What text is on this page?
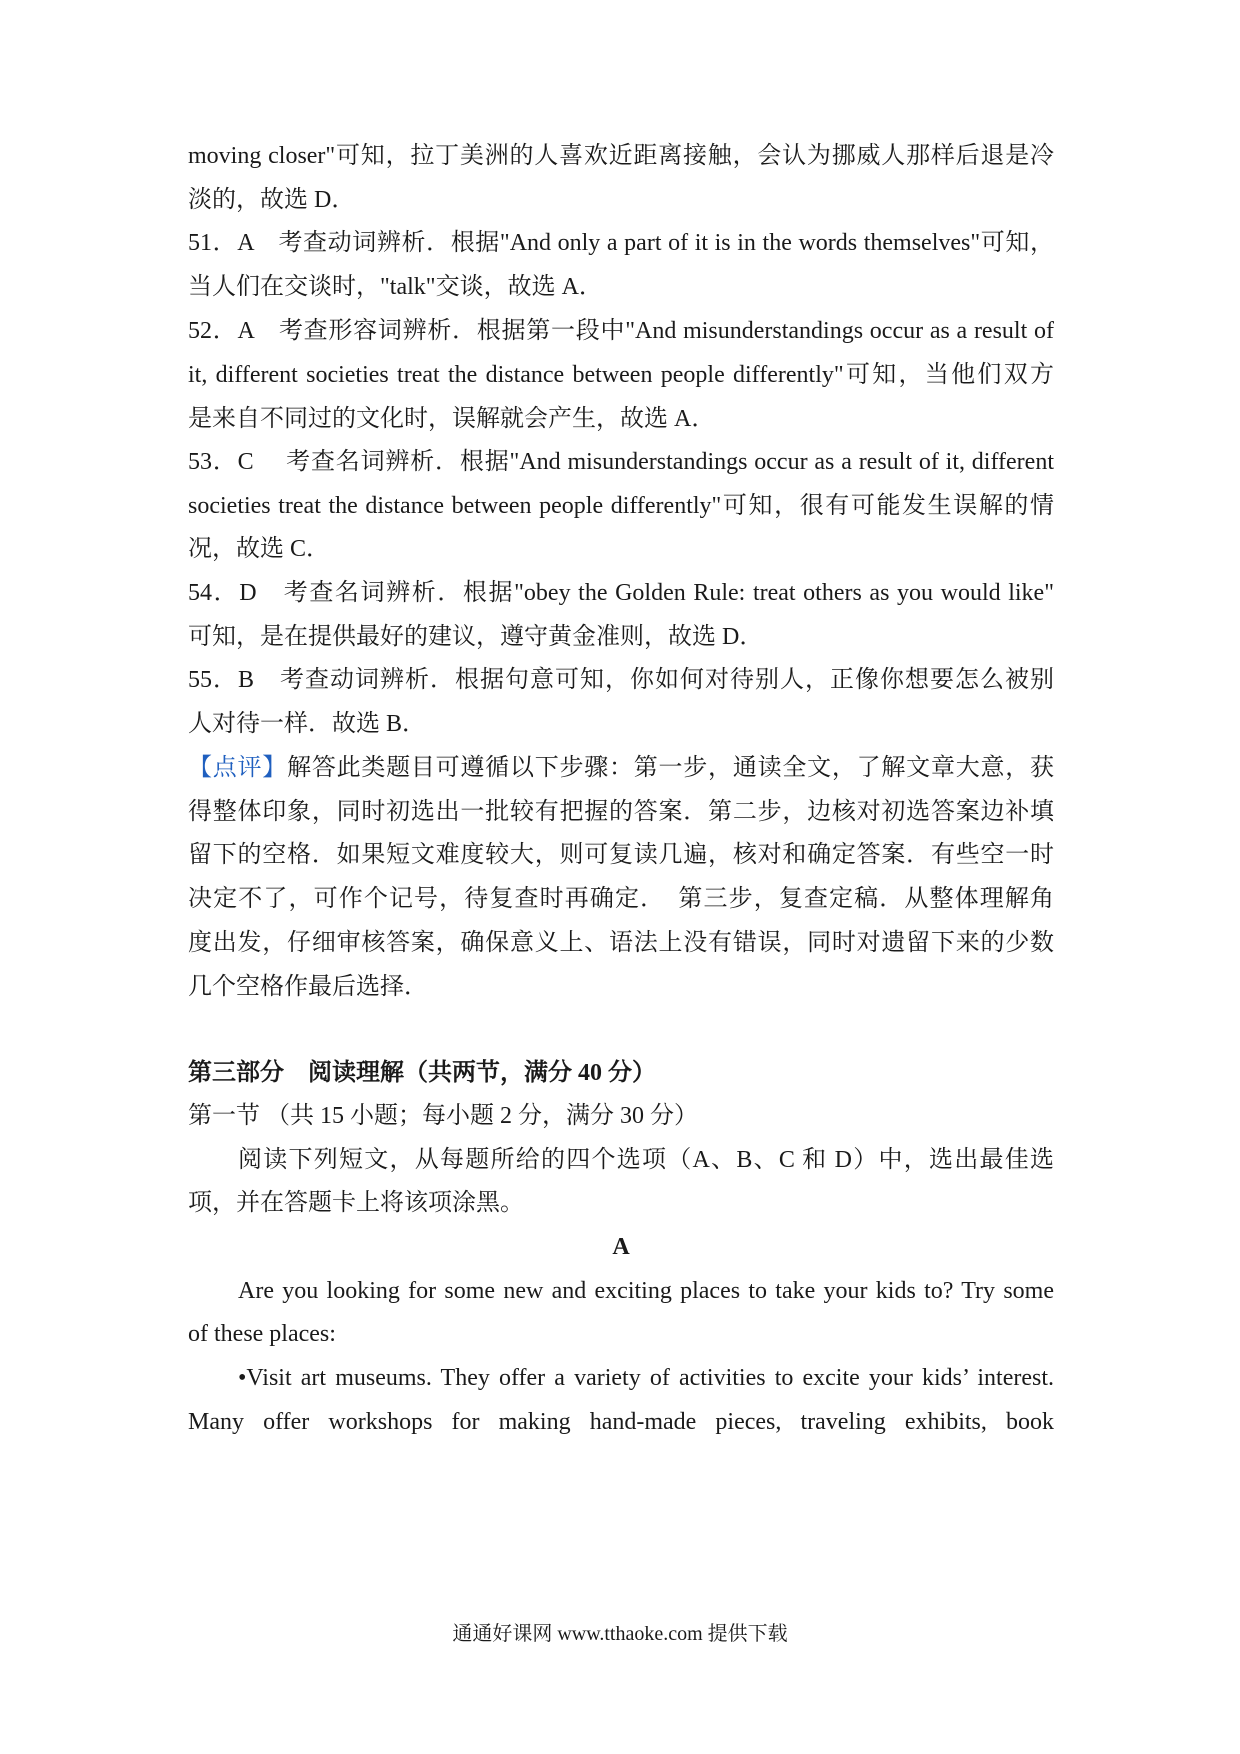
moving closer"可知，拉丁美洲的人喜欢近距离接触，会认为挪威人那样后退是冷
淡的，故选 D．
51．A　考查动词辨析．根据"And only a part of it is in the words themselves"可知，
当人们在交谈时，"talk"交谈，故选 A．
52．A　考查形容词辨析．根据第一段中"And misunderstandings occur as a result of
it, different societies treat the distance between people differently"可知，当他们双方
是来自不同过的文化时，误解就会产生，故选 A．
53．C　 考查名词辨析．根据"And misunderstandings occur as a result of it, different
societies treat the distance between people differently"可知，很有可能发生误解的情
况，故选 C．
54．D　考查名词辨析．根据"obey the Golden Rule: treat others as you would like"
可知，是在提供最好的建议，遵守黄金准则，故选 D．
55．B　考查动词辨析．根据句意可知，你如何对待别人，正像你想要怎么被别
人对待一样．故选 B．
【点评】解答此类题目可遵循以下步骤：第一步，通读全文，了解文章大意，获
得整体印象，同时初选出一批较有把握的答案．第二步，边核对初选答案边补填
留下的空格．如果短文难度较大，则可复读几遍，核对和确定答案．有些空一时
决定不了，可作个记号，待复查时再确定．　第三步，复查定稿．从整体理解角
度出发，仔细审核答案，确保意义上、语法上没有错误，同时对遗留下来的少数
几个空格作最后选择．
第三部分　阅读理解（共两节，满分 40 分）
第一节 （共 15 小题；每小题 2 分，满分 30 分）
阅读下列短文，从每题所给的四个选项（A、B、C 和 D）中，选出最佳选
项，并在答题卡上将该项涂黑。
A
Are you looking for some new and exciting places to take your kids to? Try some
of these places:
•Visit art museums. They offer a variety of activities to excite your kids’ interest.
Many offer workshops for making hand-made pieces, traveling exhibits, book
通通好课网 www.tthaoke.com 提供下载
